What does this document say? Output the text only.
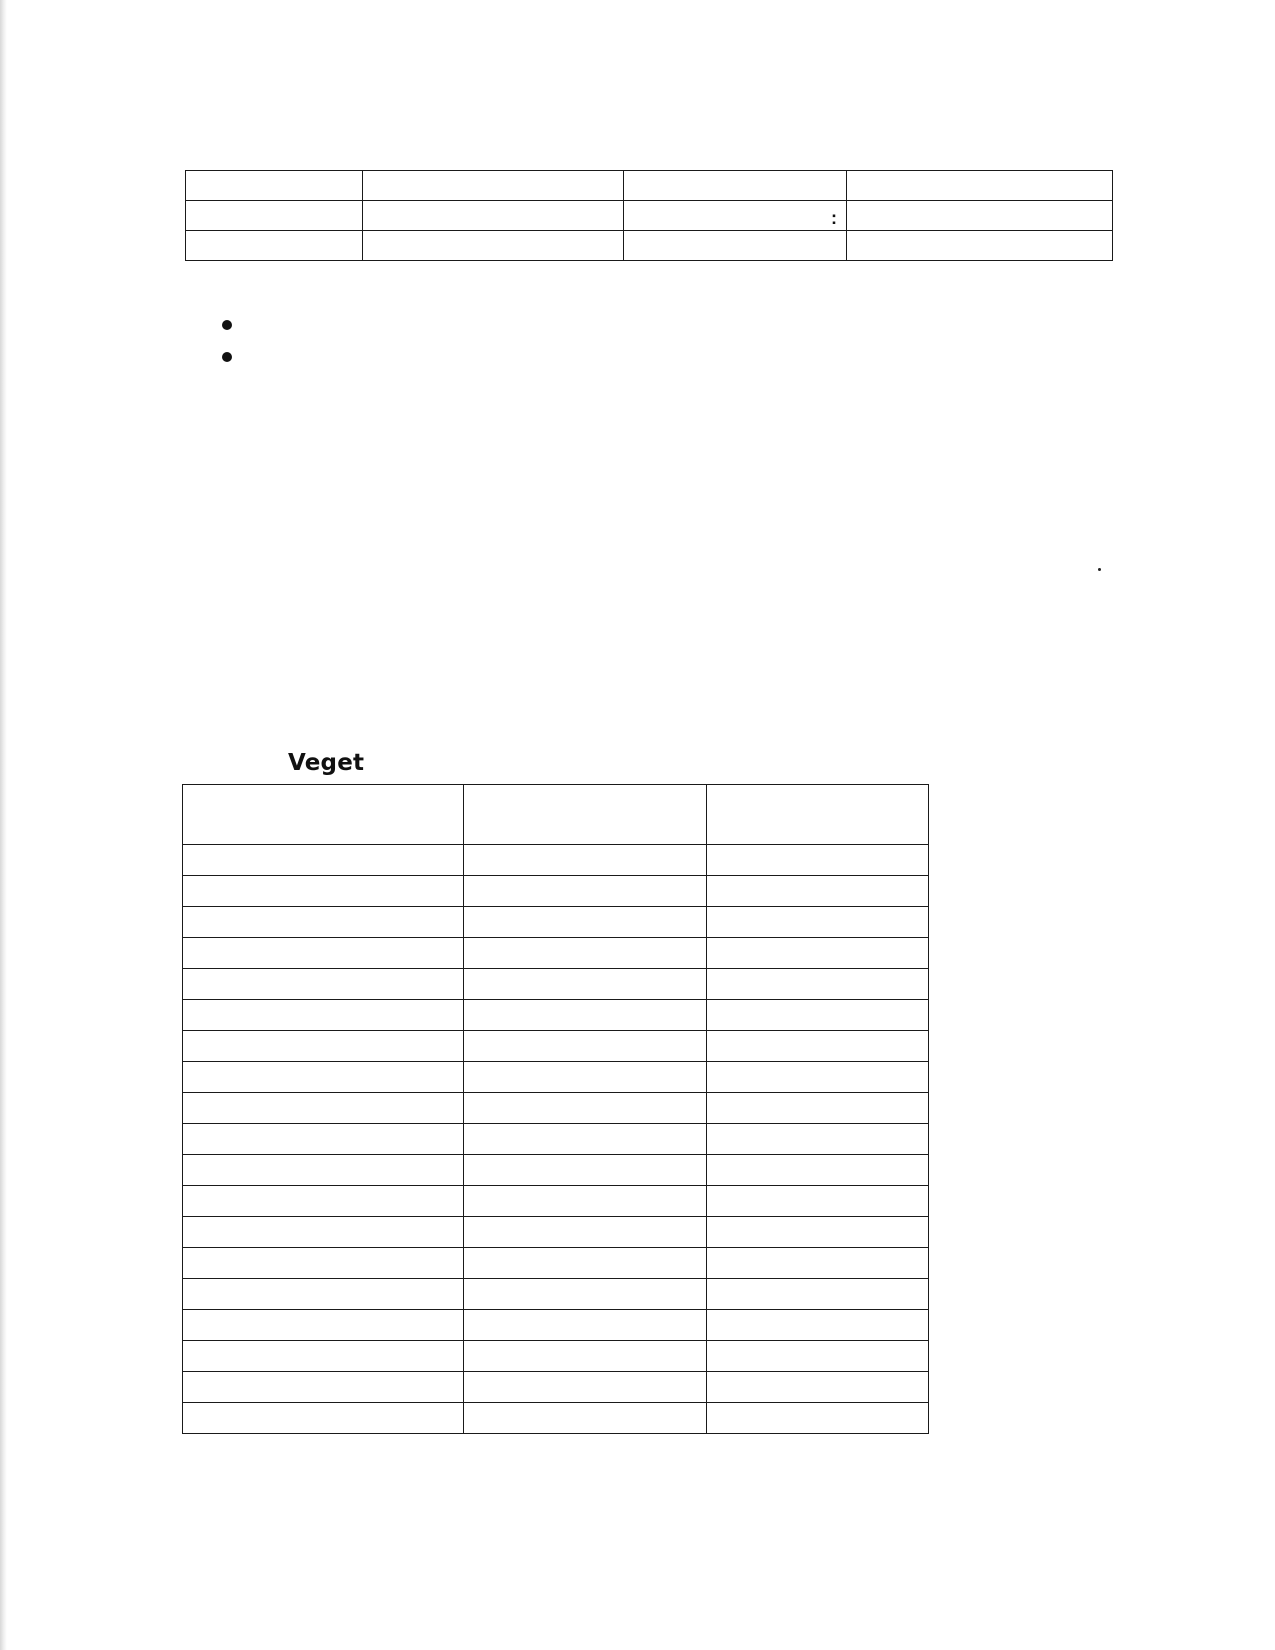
:
Veget
